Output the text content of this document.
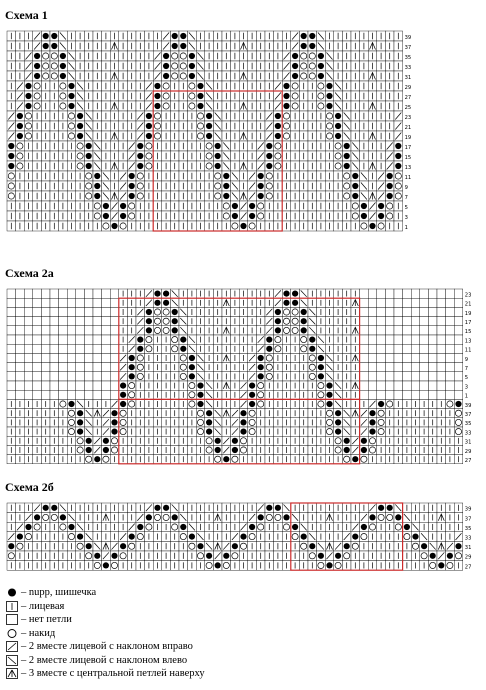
Схема 1
Схема 2а
Схема 2б
39
37
35
33
31
29
27
25
23
21
19
17
15
13
11
9
7
5
3
1
23
21
19
17
15
13
11
9
7
5
3
1
39
37
35
33
31
29
27
39
37
35
33
31
29
27
– nupp, шишечка
– лицевая
– нет петли
– накид
– 2 вместе лицевой с наклоном вправо
– 2 вместе лицевой с наклоном влево
– 3 вместе с центральной петлей наверху
